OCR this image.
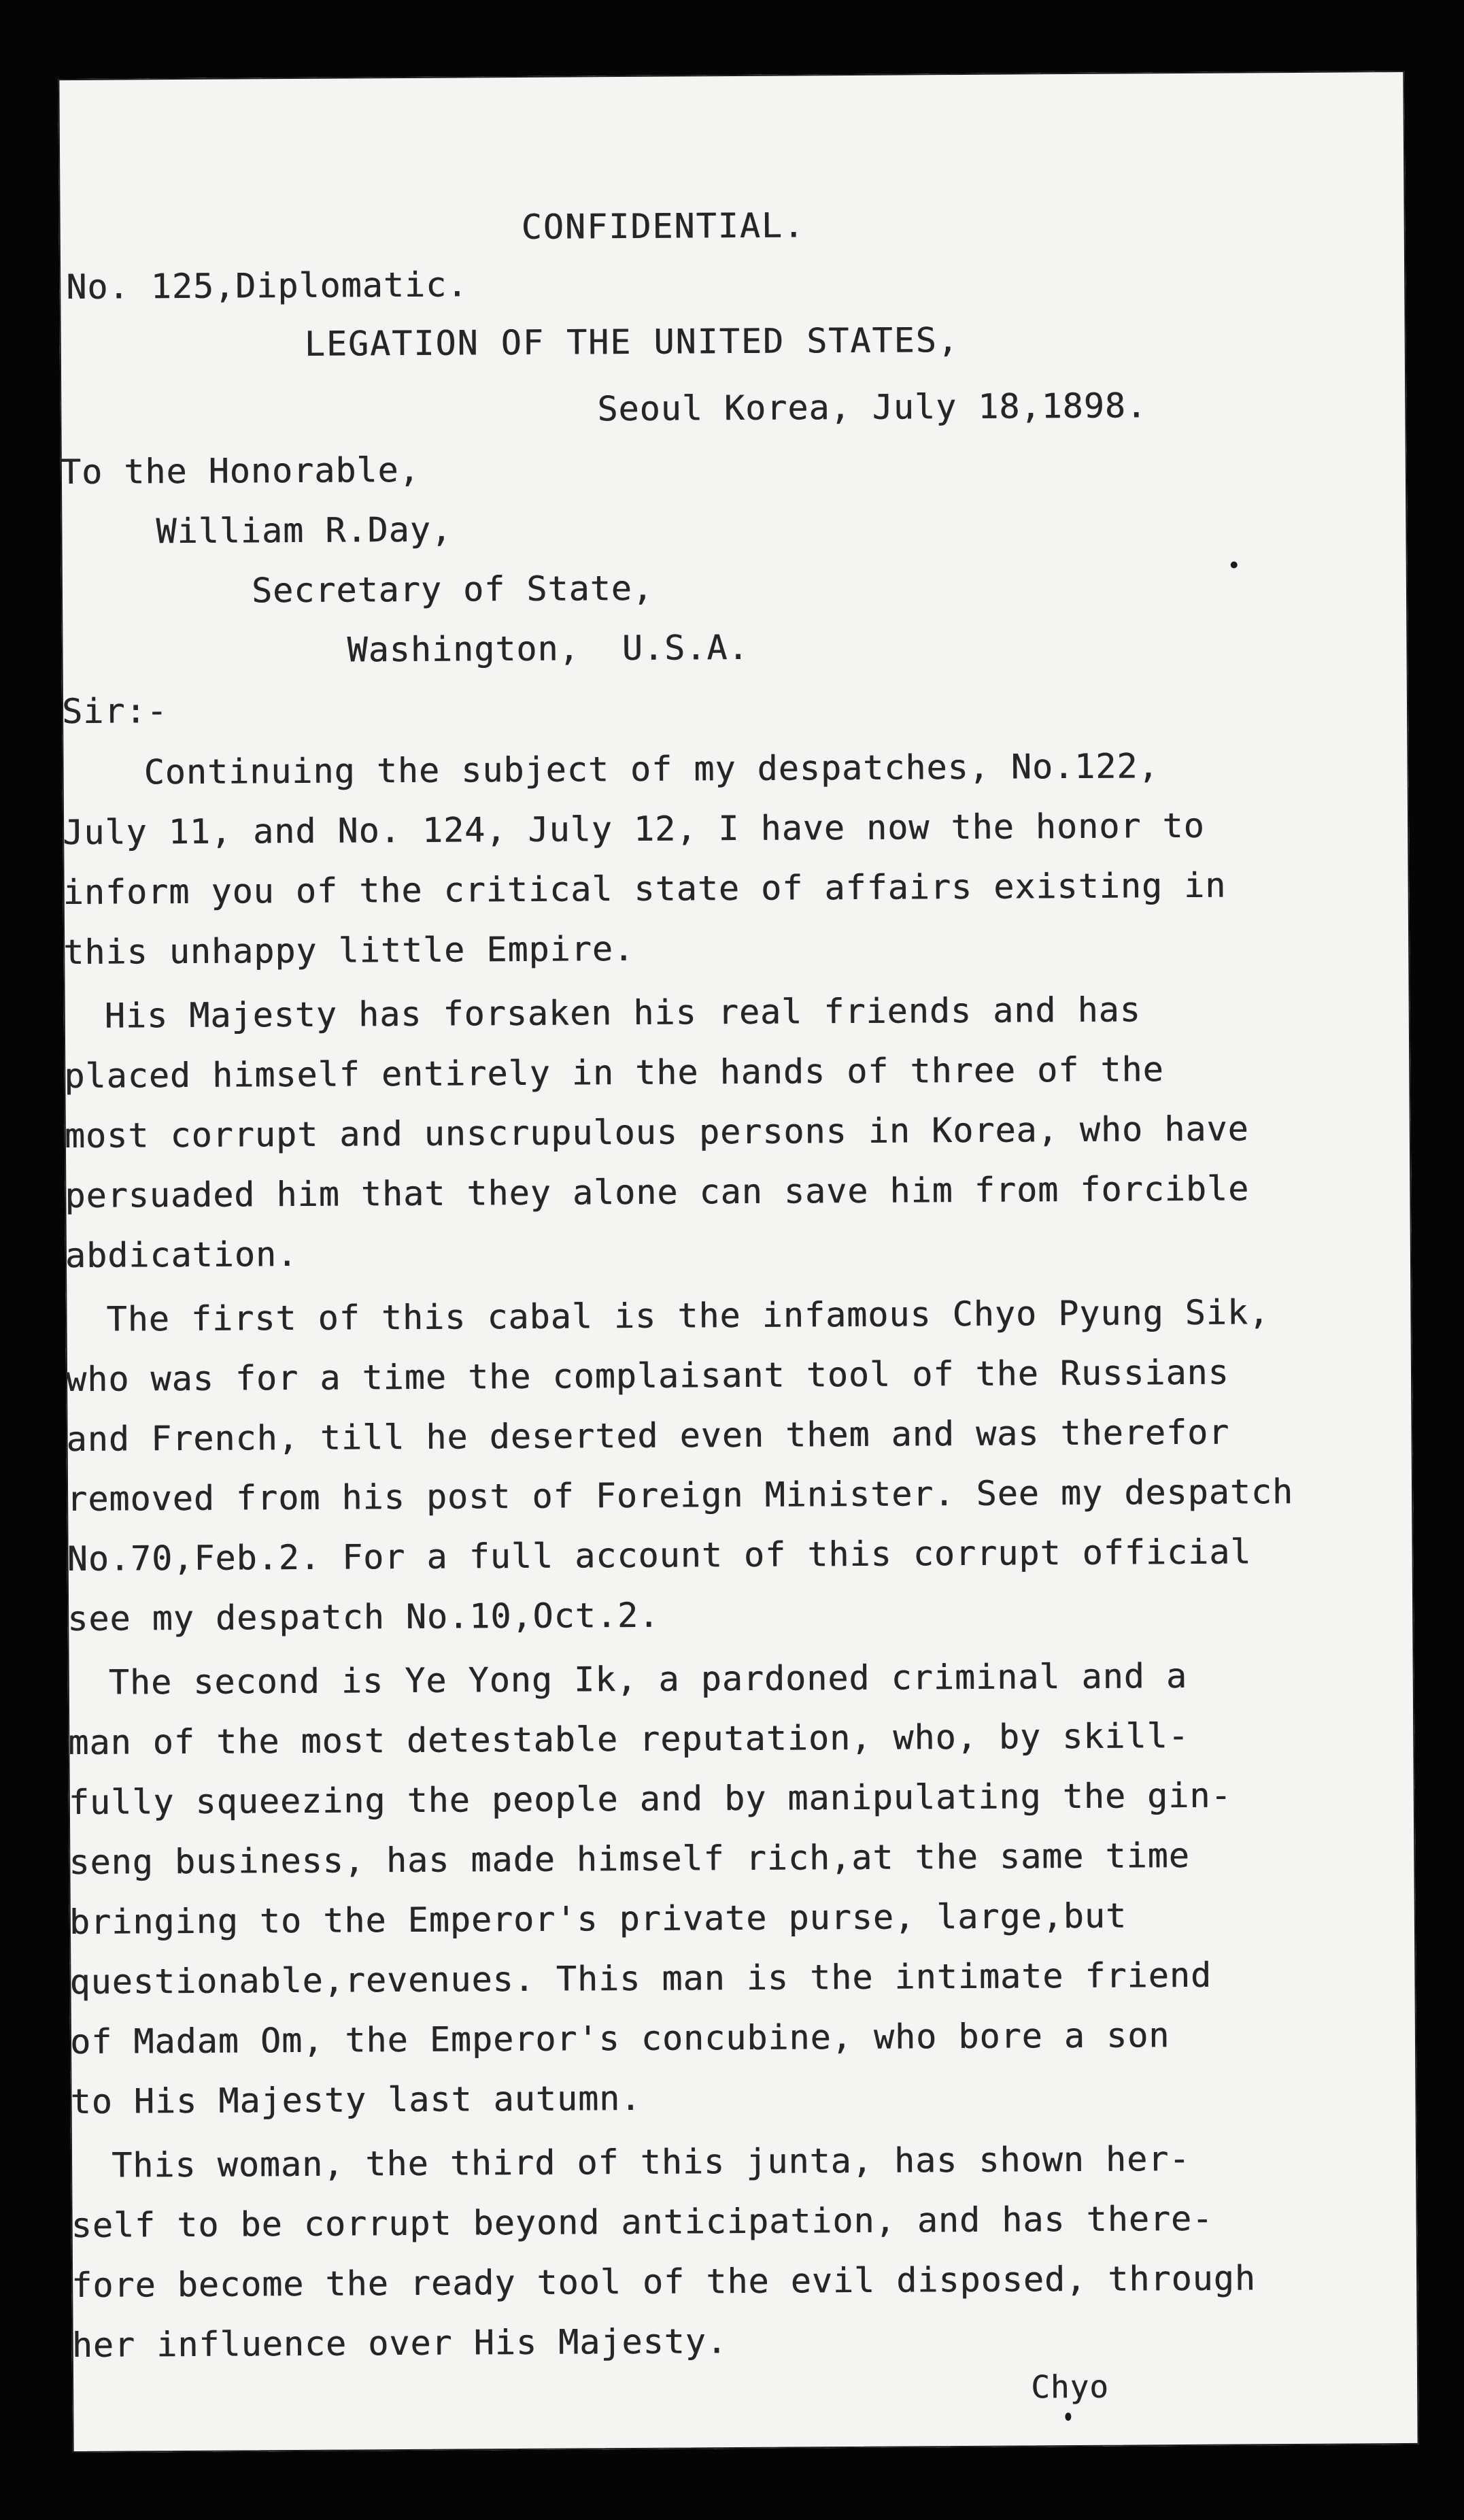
CONFIDENTIAL.
No. 125,Diplomatic.
LEGATION OF THE UNITED STATES,
Seoul Korea, July 18,1898.
To the Honorable,
William R.Day,
Secretary of State,
Washington,  U.S.A.
Sir:-
Continuing the subject of my despatches, No.122,
July 11, and No. 124, July 12, I have now the honor to
inform you of the critical state of affairs existing in
this unhappy little Empire.
His Majesty has forsaken his real friends and has
placed himself entirely in the hands of three of the
most corrupt and unscrupulous persons in Korea, who have
persuaded him that they alone can save him from forcible
abdication.
The first of this cabal is the infamous Chyo Pyung Sik,
who was for a time the complaisant tool of the Russians
and French, till he deserted even them and was therefor
removed from his post of Foreign Minister. See my despatch
No.70,Feb.2. For a full account of this corrupt official
see my despatch No.10,Oct.2.
The second is Ye Yong Ik, a pardoned criminal and a
man of the most detestable reputation, who, by skill-
fully squeezing the people and by manipulating the gin-
seng business, has made himself rich,at the same time
bringing to the Emperor's private purse, large,but
questionable,revenues. This man is the intimate friend
of Madam Om, the Emperor's concubine, who bore a son
to His Majesty last autumn.
This woman, the third of this junta, has shown her-
self to be corrupt beyond anticipation, and has there-
fore become the ready tool of the evil disposed, through
her influence over His Majesty.
Chyo
